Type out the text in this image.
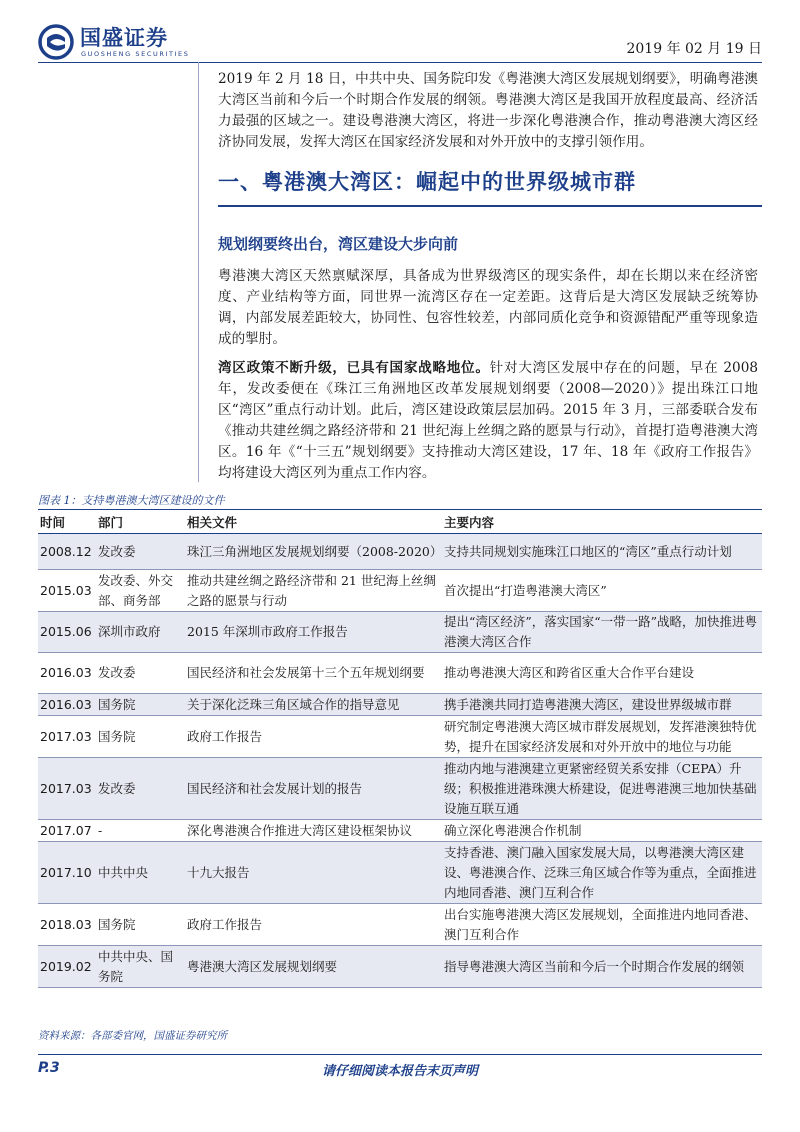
国盛证券
GUOSHENG SECURITIES	2019 年 02 月 19 日

2019 年 2 月 18 日，中共中央、国务院印发《粤港澳大湾区发展规划纲要》，明确粤港澳大湾区当前和今后一个时期合作发展的纲领。粤港澳大湾区是我国开放程度最高、经济活力最强的区域之一。建设粤港澳大湾区，将进一步深化粤港澳合作，推动粤港澳大湾区经济协同发展，发挥大湾区在国家经济发展和对外开放中的支撑引领作用。

一、粤港澳大湾区：崛起中的世界级城市群
规划纲要终出台，湾区建设大步向前

粤港澳大湾区天然禀赋深厚，具备成为世界级湾区的现实条件，却在长期以来在经济密度、产业结构等方面，同世界一流湾区存在一定差距。这背后是大湾区发展缺乏统筹协调，内部发展差距较大，协同性、包容性较差，内部同质化竞争和资源错配严重等现象造成的掣肘。

湾区政策不断升级，已具有国家战略地位。针对大湾区发展中存在的问题，早在 2008 年，发改委便在《珠江三角洲地区改革发展规划纲要（2008—2020）》提出珠江口地区“湾区”重点行动计划。此后，湾区建设政策层层加码。2015 年 3 月，三部委联合发布《推动共建丝绸之路经济带和 21 世纪海上丝绸之路的愿景与行动》，首提打造粤港澳大湾区。16 年《“十三五”规划纲要》支持推动大湾区建设，17 年、18 年《政府工作报告》均将建设大湾区列为重点工作内容。

图表 1：支持粤港澳大湾区建设的文件
时间	部门	相关文件	主要内容
2008.12	发改委	珠江三角洲地区发展规划纲要（2008-2020）	支持共同规划实施珠江口地区的“湾区”重点行动计划
2015.03	发改委、外交部、商务部	推动共建丝绸之路经济带和 21 世纪海上丝绸之路的愿景与行动	首次提出“打造粤港澳大湾区”
2015.06	深圳市政府	2015 年深圳市政府工作报告	提出“湾区经济”，落实国家“一带一路”战略，加快推进粤港澳大湾区合作
2016.03	发改委	国民经济和社会发展第十三个五年规划纲要	推动粤港澳大湾区和跨省区重大合作平台建设
2016.03	国务院	关于深化泛珠三角区域合作的指导意见	携手港澳共同打造粤港澳大湾区，建设世界级城市群
2017.03	国务院	政府工作报告	研究制定粤港澳大湾区城市群发展规划，发挥港澳独特优势，提升在国家经济发展和对外开放中的地位与功能
2017.03	发改委	国民经济和社会发展计划的报告	推动内地与港澳建立更紧密经贸关系安排（CEPA）升级；积极推进港珠澳大桥建设，促进粤港澳三地加快基础设施互联互通
2017.07	-	深化粤港澳合作推进大湾区建设框架协议	确立深化粤港澳合作机制
2017.10	中共中央	十九大报告	支持香港、澳门融入国家发展大局，以粤港澳大湾区建设、粤港澳合作、泛珠三角区域合作等为重点，全面推进内地同香港、澳门互利合作
2018.03	国务院	政府工作报告	出台实施粤港澳大湾区发展规划，全面推进内地同香港、澳门互利合作
2019.02	中共中央、国务院	粤港澳大湾区发展规划纲要	指导粤港澳大湾区当前和今后一个时期合作发展的纲领
资料来源：各部委官网，国盛证券研究所
P.3	请仔细阅读本报告末页声明
